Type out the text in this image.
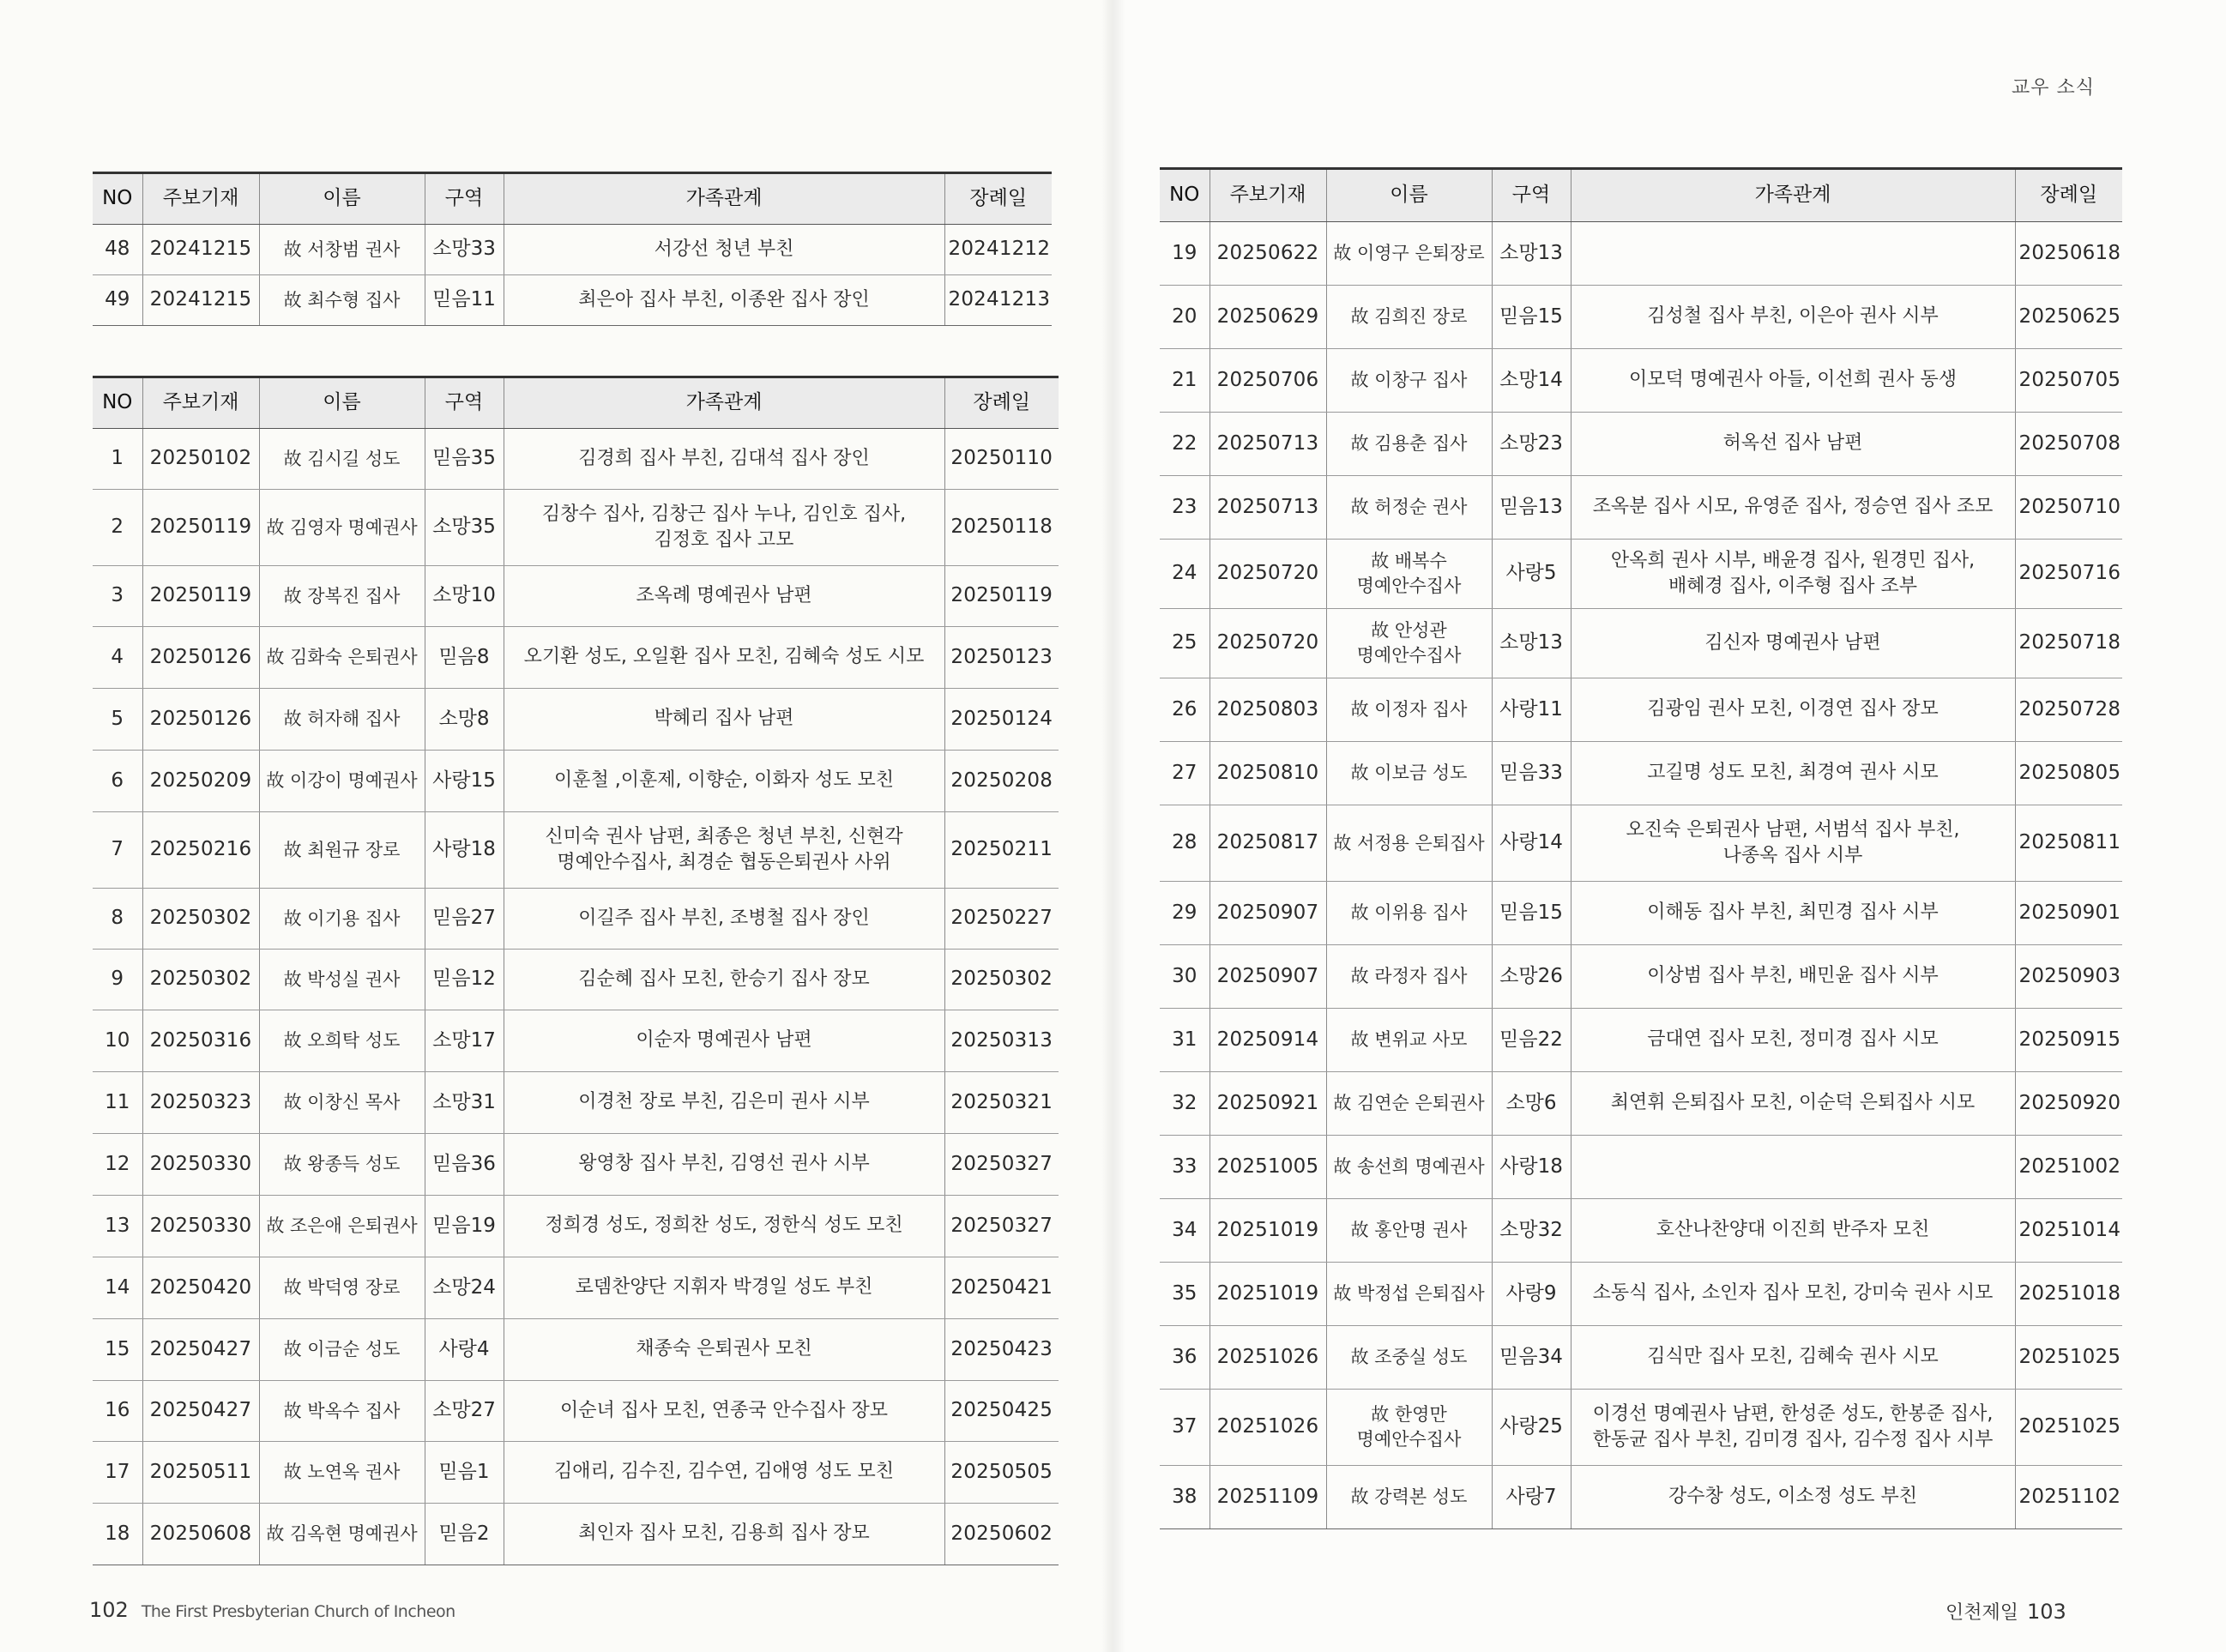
교우 소식
NO	주보기재	이름	구역	가족관계	장례일
48	20241215	故 서창범 권사	소망33	서강선 청년 부친	20241212
49	20241215	故 최수형 집사	믿음11	최은아 집사 부친, 이종완 집사 장인	20241213
NO	주보기재	이름	구역	가족관계	장례일
1	20250102	故 김시길 성도	믿음35	김경희 집사 부친, 김대석 집사 장인	20250110
2	20250119	故 김영자 명예권사	소망35	김창수 집사, 김창근 집사 누나, 김인호 집사,
김정호 집사 고모	20250118
3	20250119	故 장복진 집사	소망10	조옥례 명예권사 남편	20250119
4	20250126	故 김화숙 은퇴권사	믿음8	오기환 성도, 오일환 집사 모친, 김혜숙 성도 시모	20250123
5	20250126	故 허자해 집사	소망8	박혜리 집사 남편	20250124
6	20250209	故 이강이 명예권사	사랑15	이훈철 ,이훈제, 이향순, 이화자 성도 모친	20250208
7	20250216	故 최원규 장로	사랑18	신미숙 권사 남편, 최종은 청년 부친, 신현각
명예안수집사, 최경순 협동은퇴권사 사위	20250211
8	20250302	故 이기용 집사	믿음27	이길주 집사 부친, 조병철 집사 장인	20250227
9	20250302	故 박성실 권사	믿음12	김순혜 집사 모친, 한승기 집사 장모	20250302
10	20250316	故 오희탁 성도	소망17	이순자 명예권사 남편	20250313
11	20250323	故 이창신 목사	소망31	이경천 장로 부친, 김은미 권사 시부	20250321
12	20250330	故 왕종득 성도	믿음36	왕영창 집사 부친, 김영선 권사 시부	20250327
13	20250330	故 조은애 은퇴권사	믿음19	정희경 성도, 정희찬 성도, 정한식 성도 모친	20250327
14	20250420	故 박덕영 장로	소망24	로뎀찬양단 지휘자 박경일 성도 부친	20250421
15	20250427	故 이금순 성도	사랑4	채종숙 은퇴권사 모친	20250423
16	20250427	故 박옥수 집사	소망27	이순녀 집사 모친, 연종국 안수집사 장모	20250425
17	20250511	故 노연옥 권사	믿음1	김애리, 김수진, 김수연, 김애영 성도 모친	20250505
18	20250608	故 김옥현 명예권사	믿음2	최인자 집사 모친, 김용희 집사 장모	20250602
NO	주보기재	이름	구역	가족관계	장례일
19	20250622	故 이영구 은퇴장로	소망13		20250618
20	20250629	故 김희진 장로	믿음15	김성철 집사 부친, 이은아 권사 시부	20250625
21	20250706	故 이창구 집사	소망14	이모덕 명예권사 아들, 이선희 권사 동생	20250705
22	20250713	故 김용춘 집사	소망23	허옥선 집사 남편	20250708
23	20250713	故 허정순 권사	믿음13	조옥분 집사 시모, 유영준 집사, 정승연 집사 조모	20250710
24	20250720	故 배복수
명예안수집사	사랑5	안옥희 권사 시부, 배윤경 집사, 원경민 집사,
배혜경 집사, 이주형 집사 조부	20250716
25	20250720	故 안성관
명예안수집사	소망13	김신자 명예권사 남편	20250718
26	20250803	故 이정자 집사	사랑11	김광임 권사 모친, 이경연 집사 장모	20250728
27	20250810	故 이보금 성도	믿음33	고길명 성도 모친, 최경여 권사 시모	20250805
28	20250817	故 서정용 은퇴집사	사랑14	오진숙 은퇴권사 남편, 서범석 집사 부친,
나종옥 집사 시부	20250811
29	20250907	故 이위용 집사	믿음15	이해동 집사 부친, 최민경 집사 시부	20250901
30	20250907	故 라정자 집사	소망26	이상범 집사 부친, 배민윤 집사 시부	20250903
31	20250914	故 변위교 사모	믿음22	금대연 집사 모친, 정미경 집사 시모	20250915
32	20250921	故 김연순 은퇴권사	소망6	최연휘 은퇴집사 모친, 이순덕 은퇴집사 시모	20250920
33	20251005	故 송선희 명예권사	사랑18		20251002
34	20251019	故 홍안명 권사	소망32	호산나찬양대 이진희 반주자 모친	20251014
35	20251019	故 박정섭 은퇴집사	사랑9	소동식 집사, 소인자 집사 모친, 강미숙 권사 시모	20251018
36	20251026	故 조중실 성도	믿음34	김식만 집사 모친, 김혜숙 권사 시모	20251025
37	20251026	故 한영만
명예안수집사	사랑25	이경선 명예권사 남편, 한성준 성도, 한봉준 집사,
한동균 집사 부친, 김미경 집사, 김수정 집사 시부	20251025
38	20251109	故 강력본 성도	사랑7	강수창 성도, 이소정 성도 부친	20251102
102 The First Presbyterian Church of Incheon	인천제일 103
